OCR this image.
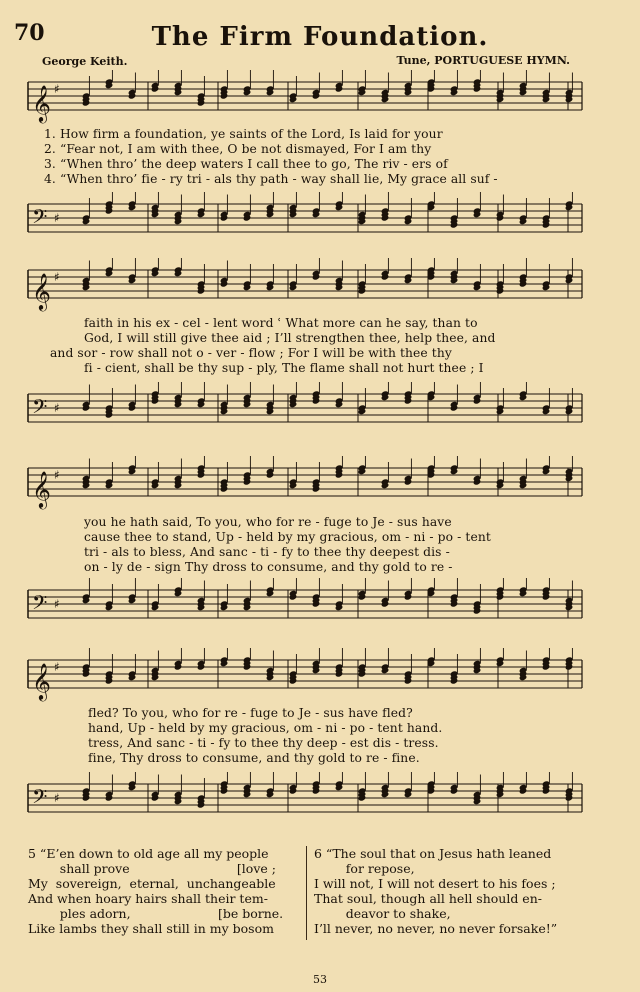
70	The Firm Foundation.
George Keith.	Tune, PORTUGUESE HYMN.
𝄞 ♯
1. How firm a foundation, ye saints of the Lord, Is laid for your
2. “Fear not, I am with thee, O be not dismayed, For I am thy
3. “When thro’ the deep waters I call thee to go, The riv - ers of
4. “When thro’ fie - ry tri - als thy path - way shall lie, My grace all suf -
𝄢 ♯
𝄞 ♯
faith in his ex - cel - lent word ʿ What more can he say, than to
God, I will still give thee aid ; I’ll strengthen thee, help thee, and
and sor - row shall not o - ver - flow ; For I will be with thee thy
fi - cient, shall be thy sup - ply, The flame shall not hurt thee ; I
𝄢 ♯
𝄞 ♯
you he hath said, To you, who for re - fuge to Je - sus have
cause thee to stand, Up - held by my gracious, om - ni - po - tent
tri - als to bless, And sanc - ti - fy to thee thy deepest dis -
on - ly de - sign Thy dross to consume, and thy gold to re -
𝄢 ♯
𝄞 ♯
fled? To you, who for re - fuge to Je - sus have fled?
hand, Up - held by my gracious, om - ni - po - tent hand.
tress, And sanc - ti - fy to thee thy deep - est dis - tress.
fine, Thy dross to consume, and thy gold to re - fine.
𝄢 ♯
5 “E’en down to old age all my people
shall prove                           [love ;
My  sovereign,  eternal,  unchangeable
And when hoary hairs shall their tem-
ples adorn,                      [be borne.
Like lambs they shall still in my bosom
6 “The soul that on Jesus hath leaned
for repose,
I will not, I will not desert to his foes ;
That soul, though all hell should en-
deavor to shake,
I’ll never, no never, no never forsake!”
53
